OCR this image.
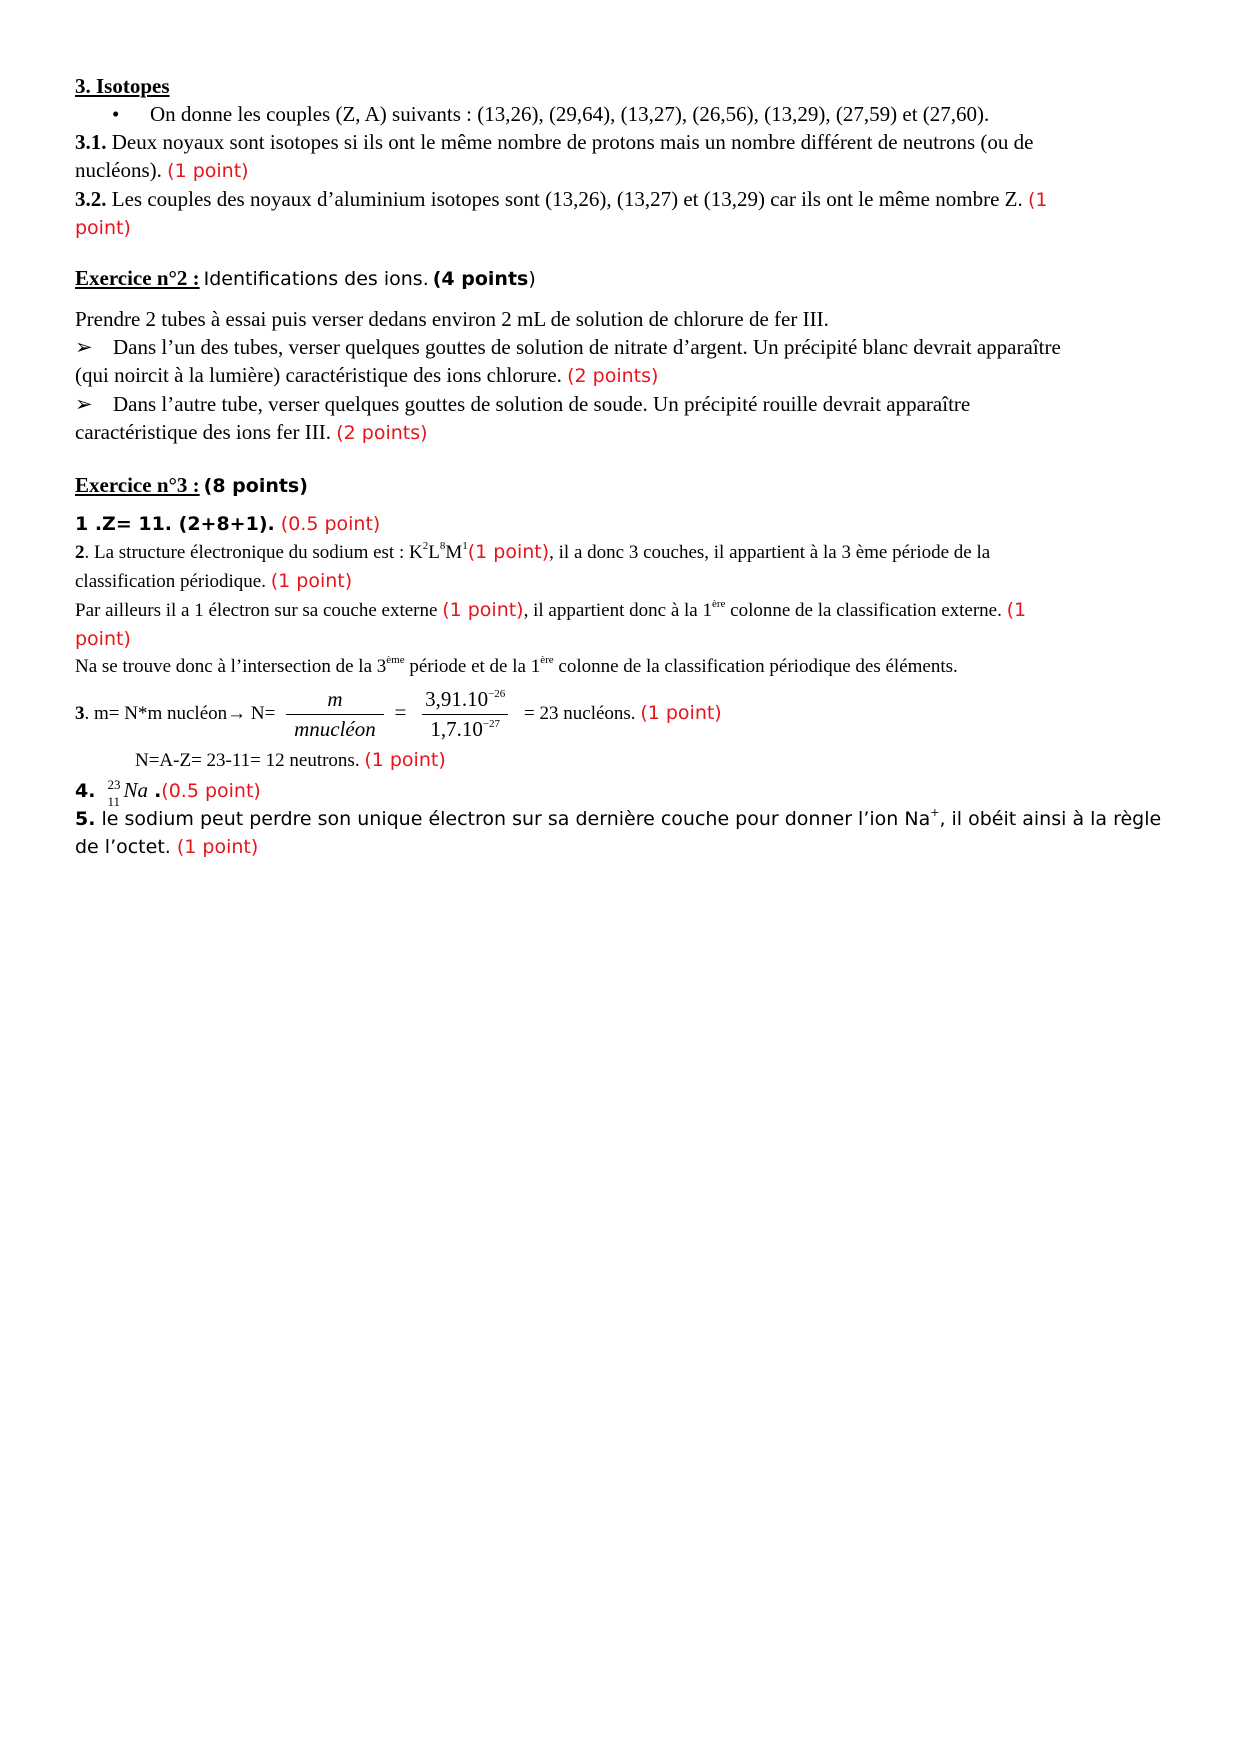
3. Isotopes
• On donne les couples (Z, A) suivants : (13,26), (29,64), (13,27), (26,56), (13,29), (27,59) et (27,60).
3.1. Deux noyaux sont isotopes si ils ont le même nombre de protons mais un nombre différent de neutrons (ou de
nucléons). (1 point)
3.2. Les couples des noyaux d’aluminium isotopes sont (13,26), (13,27) et (13,29) car ils ont le même nombre Z. (1
point)
Exercice n°2 : Identifications des ions. (4 points)
Prendre 2 tubes à essai puis verser dedans environ 2 mL de solution de chlorure de fer III.
➢ Dans l’un des tubes, verser quelques gouttes de solution de nitrate d’argent. Un précipité blanc devrait apparaître
(qui noircit à la lumière) caractéristique des ions chlorure. (2 points)
➢ Dans l’autre tube, verser quelques gouttes de solution de soude. Un précipité rouille devrait apparaître
caractéristique des ions fer III. (2 points)
Exercice n°3 : (8 points)
1 .Z= 11. (2+8+1). (0.5 point)
2. La structure électronique du sodium est : $K^2L^8M^1(1$ point), il a donc 3 couches, il appartient à la 3 ème période de la
classification périodique. (1 point)
Par ailleurs il a 1 électron sur sa couche externe (1 point), il appartient donc à la 1ère colonne de la classification externe. (1
point)
Na se trouve donc à l’intersection de la 3ème période et de la 1ère colonne de la classification périodique des éléments.
3. m= N*m nucléon→ $N= \frac{m}{\text{mnucléon}} = \frac{3,91.10^{-26}}{1,7.10^{-27}} = 23$ nucléons. (1 point)
N=A-Z= 23-11= 12 neutrons. (1 point)
4. 23
11 Na .(0.5 point)
5. le sodium peut perdre son unique électron sur sa dernière couche pour donner l’ion Na+, il obéit ainsi à la règle
de l’octet. (1 point)
